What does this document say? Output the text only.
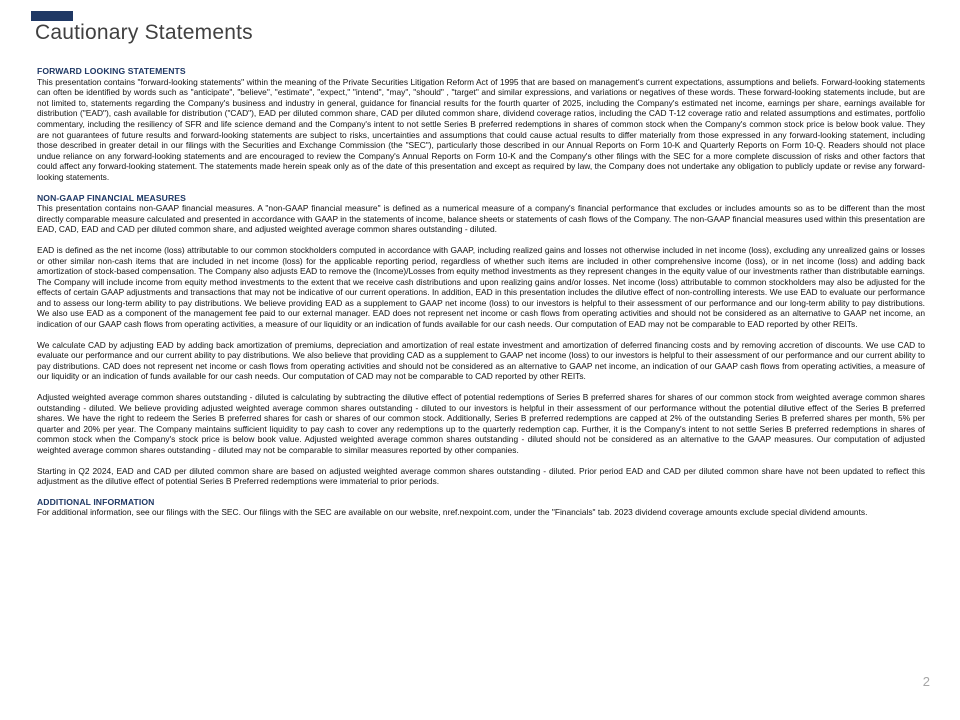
Cautionary Statements
FORWARD LOOKING STATEMENTS

This presentation contains "forward-looking statements" within the meaning of the Private Securities Litigation Reform Act of 1995 that are based on management's current expectations, assumptions and beliefs. Forward-looking statements can often be identified by words such as "anticipate", "believe", "estimate", "expect," "intend", "may", "should" , "target" and similar expressions, and variations or negatives of these words. These forward-looking statements include, but are not limited to, statements regarding the Company's business and industry in general, guidance for financial results for the fourth quarter of 2025, including the Company's estimated net income, earnings per share, earnings available for distribution ("EAD"), cash available for distribution ("CAD"), EAD per diluted common share, CAD per diluted common share, dividend coverage ratios, including the CAD T-12 coverage ratio and related assumptions and estimates, portfolio commentary, including the resiliency of SFR and life science demand and the Company's intent to not settle Series B preferred redemptions in shares of common stock when the Company's common stock price is below book value. They are not guarantees of future results and forward-looking statements are subject to risks, uncertainties and assumptions that could cause actual results to differ materially from those expressed in any forward-looking statement, including those described in greater detail in our filings with the Securities and Exchange Commission (the "SEC"), particularly those described in our Annual Reports on Form 10-K and Quarterly Reports on Form 10-Q. Readers should not place undue reliance on any forward-looking statements and are encouraged to review the Company's Annual Reports on Form 10-K and the Company's other filings with the SEC for a more complete discussion of risks and other factors that could affect any forward-looking statement. The statements made herein speak only as of the date of this presentation and except as required by law, the Company does not undertake any obligation to publicly update or revise any forward-looking statements.

NON-GAAP FINANCIAL MEASURES

This presentation contains non-GAAP financial measures. A "non-GAAP financial measure" is defined as a numerical measure of a company's financial performance that excludes or includes amounts so as to be different than the most directly comparable measure calculated and presented in accordance with GAAP in the statements of income, balance sheets or statements of cash flows of the Company. The non-GAAP financial measures used within this presentation are EAD, CAD, EAD and CAD per diluted common share, and adjusted weighted average common shares outstanding - diluted.

EAD is defined as the net income (loss) attributable to our common stockholders computed in accordance with GAAP, including realized gains and losses not otherwise included in net income (loss), excluding any unrealized gains or losses or other similar non-cash items that are included in net income (loss) for the applicable reporting period, regardless of whether such items are included in other comprehensive income (loss), or in net income (loss) and adding back amortization of stock-based compensation. The Company also adjusts EAD to remove the (Income)/Losses from equity method investments as they represent changes in the equity value of our investments rather than distributable earnings. The Company will include income from equity method investments to the extent that we receive cash distributions and upon realizing gains and/or losses. Net income (loss) attributable to common stockholders may also be adjusted for the effects of certain GAAP adjustments and transactions that may not be indicative of our current operations. In addition, EAD in this presentation includes the dilutive effect of non-controlling interests. We use EAD to evaluate our performance and to assess our long-term ability to pay distributions. We believe providing EAD as a supplement to GAAP net income (loss) to our investors is helpful to their assessment of our performance and our long-term ability to pay distributions. We also use EAD as a component of the management fee paid to our external manager. EAD does not represent net income or cash flows from operating activities and should not be considered as an alternative to GAAP net income, an indication of our GAAP cash flows from operating activities, a measure of our liquidity or an indication of funds available for our cash needs. Our computation of EAD may not be comparable to EAD reported by other REITs.

We calculate CAD by adjusting EAD by adding back amortization of premiums, depreciation and amortization of real estate investment and amortization of deferred financing costs and by removing accretion of discounts. We use CAD to evaluate our performance and our current ability to pay distributions. We also believe that providing CAD as a supplement to GAAP net income (loss) to our investors is helpful to their assessment of our performance and our current ability to pay distributions. CAD does not represent net income or cash flows from operating activities and should not be considered as an alternative to GAAP net income, an indication of our GAAP cash flows from operating activities, a measure of our liquidity or an indication of funds available for our cash needs. Our computation of CAD may not be comparable to CAD reported by other REITs.

Adjusted weighted average common shares outstanding - diluted is calculating by subtracting the dilutive effect of potential redemptions of Series B preferred shares for shares of our common stock from weighted average common shares outstanding - diluted. We believe providing adjusted weighted average common shares outstanding - diluted to our investors is helpful in their assessment of our performance without the potential dilutive effect of the Series B preferred shares. We have the right to redeem the Series B preferred shares for cash or shares of our common stock. Additionally, Series B preferred redemptions are capped at 2% of the outstanding Series B preferred shares per month, 5% per quarter and 20% per year. The Company maintains sufficient liquidity to pay cash to cover any redemptions up to the quarterly redemption cap. Further, it is the Company's intent to not settle Series B preferred redemptions in shares of common stock when the Company's stock price is below book value. Adjusted weighted average common shares outstanding - diluted should not be considered as an alternative to the GAAP measures. Our computation of adjusted weighted average common shares outstanding - diluted may not be comparable to similar measures reported by other companies.

Starting in Q2 2024, EAD and CAD per diluted common share are based on adjusted weighted average common shares outstanding - diluted. Prior period EAD and CAD per diluted common share have not been updated to reflect this adjustment as the dilutive effect of potential Series B Preferred redemptions were immaterial to prior periods.

ADDITIONAL INFORMATION

For additional information, see our filings with the SEC. Our filings with the SEC are available on our website, nref.nexpoint.com, under the "Financials" tab. 2023 dividend coverage amounts exclude special dividend amounts.

2
